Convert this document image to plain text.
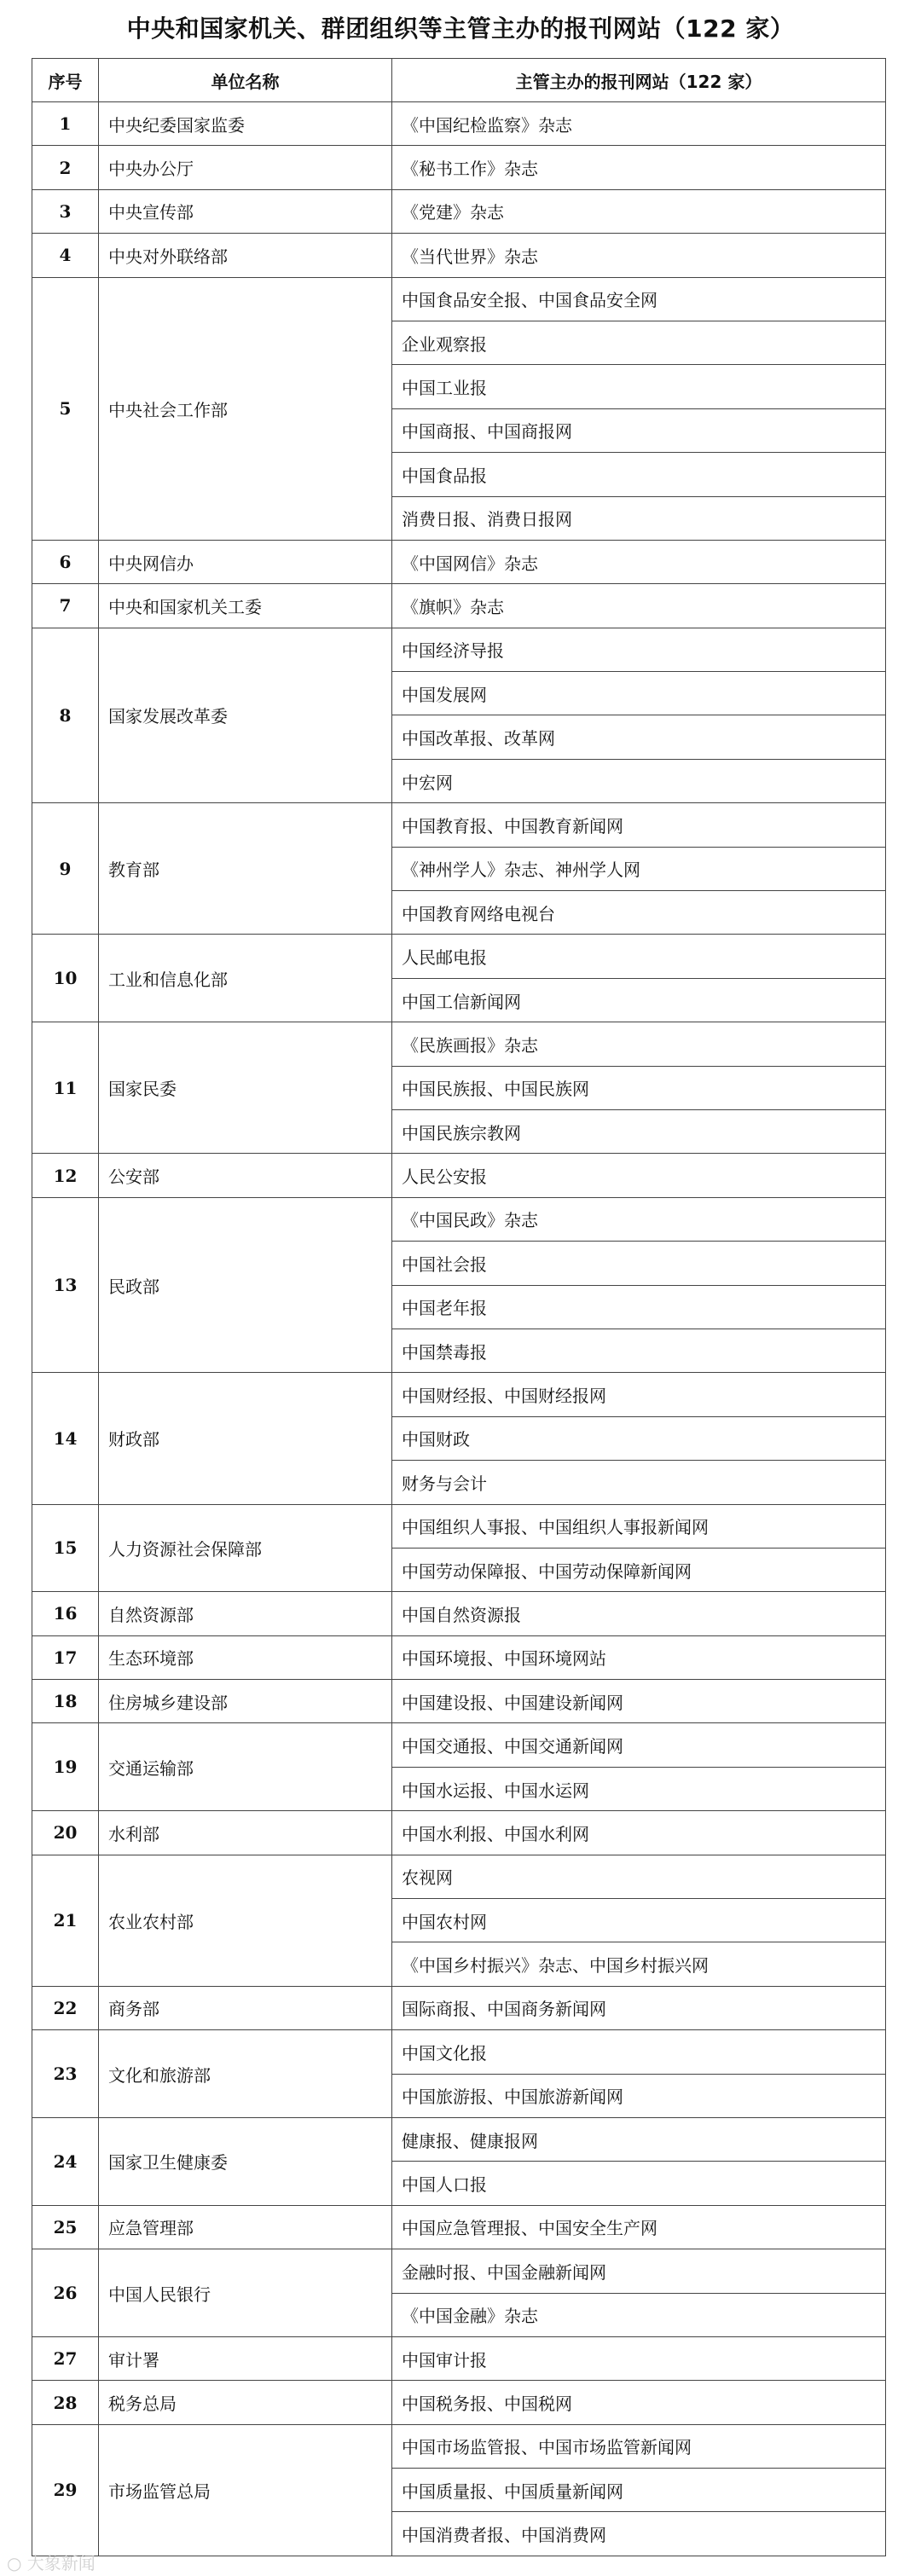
中央和国家机关、群团组织等主管主办的报刊网站（122 家）
序号	单位名称	主管主办的报刊网站（122 家）
1	中央纪委国家监委	《中国纪检监察》杂志
2	中央办公厅	《秘书工作》杂志
3	中央宣传部	《党建》杂志
4	中央对外联络部	《当代世界》杂志
5	中央社会工作部	中国食品安全报、中国食品安全网
		企业观察报
		中国工业报
		中国商报、中国商报网
		中国食品报
		消费日报、消费日报网
6	中央网信办	《中国网信》杂志
7	中央和国家机关工委	《旗帜》杂志
8	国家发展改革委	中国经济导报
		中国发展网
		中国改革报、改革网
		中宏网
9	教育部	中国教育报、中国教育新闻网
		《神州学人》杂志、神州学人网
		中国教育网络电视台
10	工业和信息化部	人民邮电报
		中国工信新闻网
11	国家民委	《民族画报》杂志
		中国民族报、中国民族网
		中国民族宗教网
12	公安部	人民公安报
13	民政部	《中国民政》杂志
		中国社会报
		中国老年报
		中国禁毒报
14	财政部	中国财经报、中国财经报网
		中国财政
		财务与会计
15	人力资源社会保障部	中国组织人事报、中国组织人事报新闻网
		中国劳动保障报、中国劳动保障新闻网
16	自然资源部	中国自然资源报
17	生态环境部	中国环境报、中国环境网站
18	住房城乡建设部	中国建设报、中国建设新闻网
19	交通运输部	中国交通报、中国交通新闻网
		中国水运报、中国水运网
20	水利部	中国水利报、中国水利网
21	农业农村部	农视网
		中国农村网
		《中国乡村振兴》杂志、中国乡村振兴网
22	商务部	国际商报、中国商务新闻网
23	文化和旅游部	中国文化报
		中国旅游报、中国旅游新闻网
24	国家卫生健康委	健康报、健康报网
		中国人口报
25	应急管理部	中国应急管理报、中国安全生产网
26	中国人民银行	金融时报、中国金融新闻网
		《中国金融》杂志
27	审计署	中国审计报
28	税务总局	中国税务报、中国税网
29	市场监管总局	中国市场监管报、中国市场监管新闻网
		中国质量报、中国质量新闻网
		中国消费者报、中国消费网
○ 大象新闻
